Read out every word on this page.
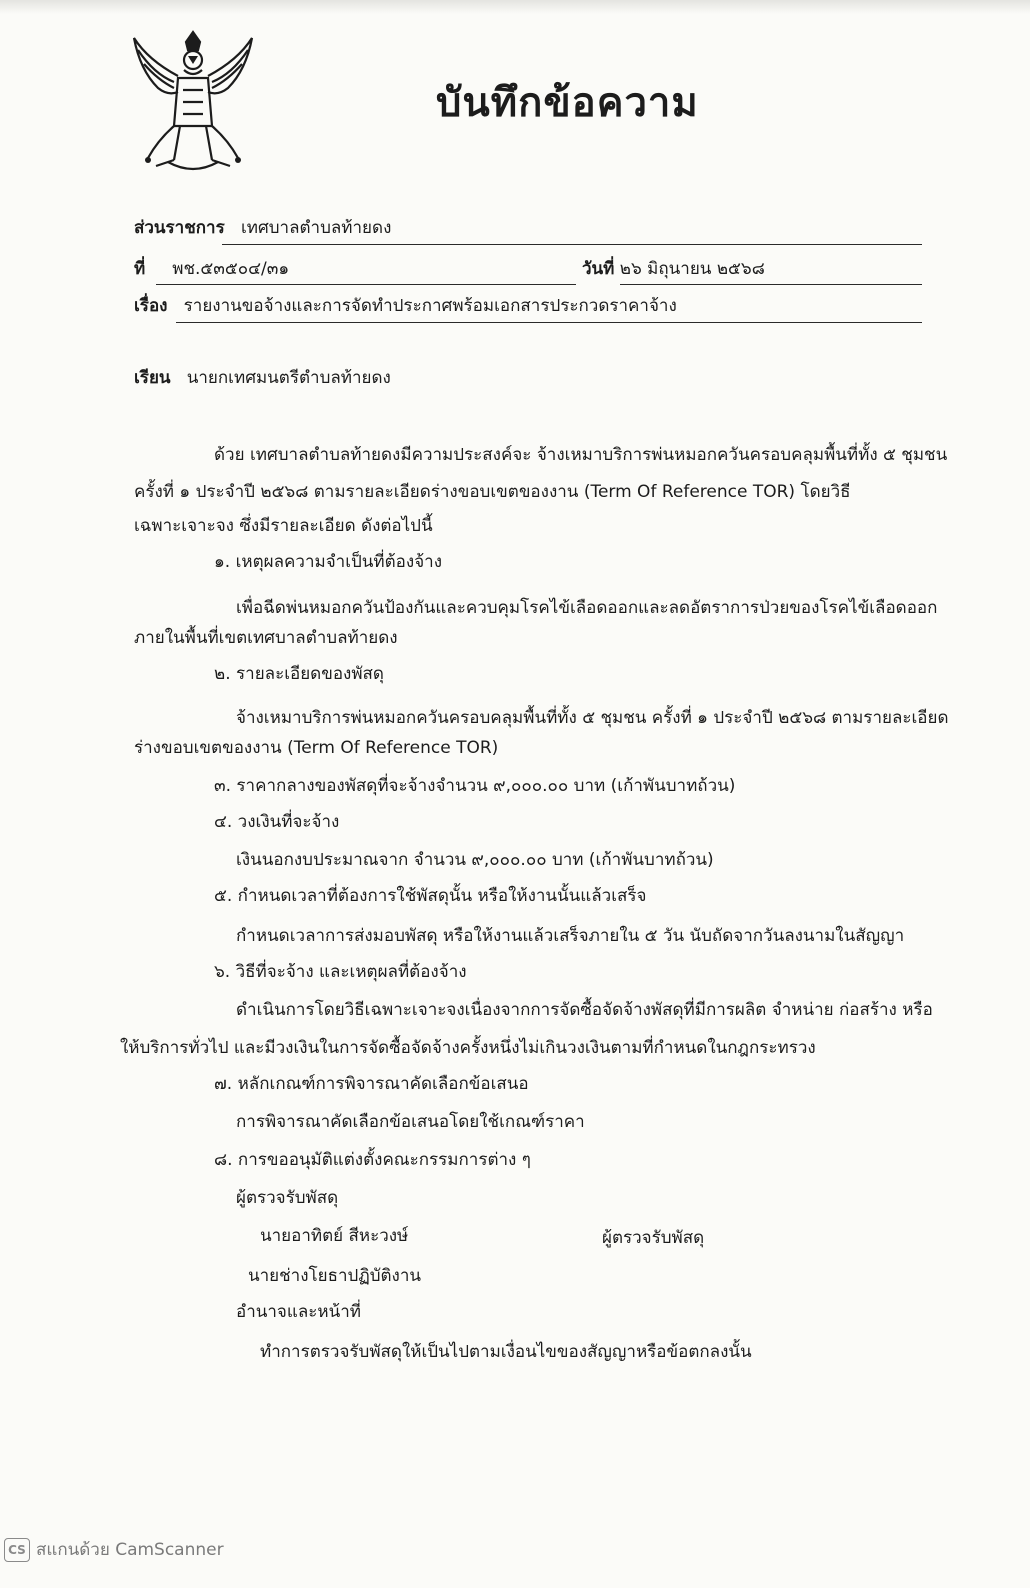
บันทึกข้อความ
ส่วนราชการ เทศบาลตำบลท้ายดง
ที่ พช.๕๓๕๐๔/๓๑	วันที่ ๒๖ มิถุนายน ๒๕๖๘
เรื่อง รายงานขอจ้างและการจัดทำประกาศพร้อมเอกสารประกวดราคาจ้าง
เรียน นายกเทศมนตรีตำบลท้ายดง
ด้วย เทศบาลตำบลท้ายดงมีความประสงค์จะ จ้างเหมาบริการพ่นหมอกควันครอบคลุมพื้นที่ทั้ง ๕ ชุมชน
ครั้งที่ ๑ ประจำปี ๒๕๖๘ ตามรายละเอียดร่างขอบเขตของงาน (Term Of Reference TOR) โดยวิธี
เฉพาะเจาะจง ซึ่งมีรายละเอียด ดังต่อไปนี้
๑. เหตุผลความจำเป็นที่ต้องจ้าง
เพื่อฉีดพ่นหมอกควันป้องกันและควบคุมโรคไข้เลือดออกและลดอัตราการป่วยของโรคไข้เลือดออก
ภายในพื้นที่เขตเทศบาลตำบลท้ายดง
๒. รายละเอียดของพัสดุ
จ้างเหมาบริการพ่นหมอกควันครอบคลุมพื้นที่ทั้ง ๕ ชุมชน ครั้งที่ ๑ ประจำปี ๒๕๖๘ ตามรายละเอียด
ร่างขอบเขตของงาน (Term Of Reference TOR)
๓. ราคากลางของพัสดุที่จะจ้างจำนวน ๙,๐๐๐.๐๐ บาท (เก้าพันบาทถ้วน)
๔. วงเงินที่จะจ้าง
เงินนอกงบประมาณจาก จำนวน ๙,๐๐๐.๐๐ บาท (เก้าพันบาทถ้วน)
๕. กำหนดเวลาที่ต้องการใช้พัสดุนั้น หรือให้งานนั้นแล้วเสร็จ
กำหนดเวลาการส่งมอบพัสดุ หรือให้งานแล้วเสร็จภายใน ๕ วัน นับถัดจากวันลงนามในสัญญา
๖. วิธีที่จะจ้าง และเหตุผลที่ต้องจ้าง
ดำเนินการโดยวิธีเฉพาะเจาะจงเนื่องจากการจัดซื้อจัดจ้างพัสดุที่มีการผลิต จำหน่าย ก่อสร้าง หรือ
ให้บริการทั่วไป และมีวงเงินในการจัดซื้อจัดจ้างครั้งหนึ่งไม่เกินวงเงินตามที่กำหนดในกฎกระทรวง
๗. หลักเกณฑ์การพิจารณาคัดเลือกข้อเสนอ
การพิจารณาคัดเลือกข้อเสนอโดยใช้เกณฑ์ราคา
๘. การขออนุมัติแต่งตั้งคณะกรรมการต่าง ๆ
ผู้ตรวจรับพัสดุ
นายอาทิตย์ สีหะวงษ์	ผู้ตรวจรับพัสดุ
นายช่างโยธาปฏิบัติงาน
อำนาจและหน้าที่
ทำการตรวจรับพัสดุให้เป็นไปตามเงื่อนไขของสัญญาหรือข้อตกลงนั้น
CS สแกนด้วย CamScanner
